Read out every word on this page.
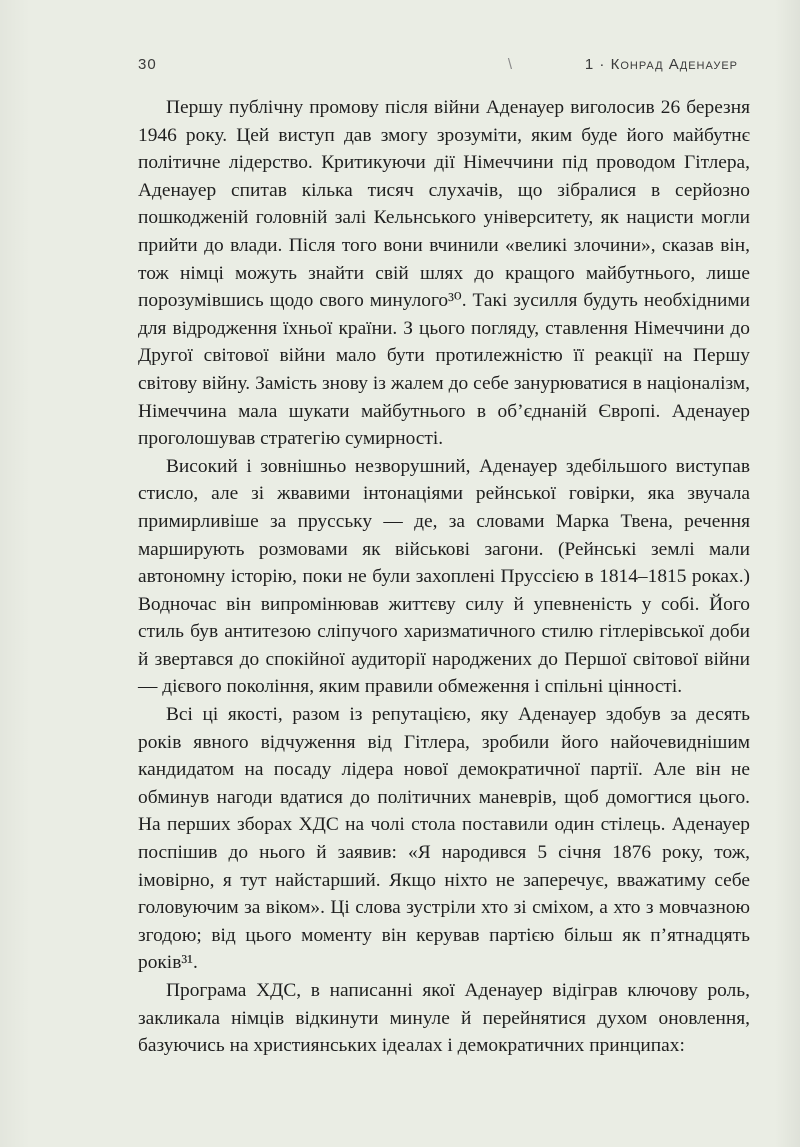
30	\	1 · Конрад Аденауер

Першу публічну промову після війни Аденауер виголосив 26 березня 1946 року. Цей виступ дав змогу зрозуміти, яким буде його майбутнє політичне лідерство. Критикуючи дії Німеччини під проводом Гітлера, Аденауер спитав кілька тисяч слухачів, що зібралися в серйозно пошкодженій головній залі Кельнського університету, як нацисти могли прийти до влади. Після того вони вчинили «великі злочини», сказав він, тож німці можуть знайти свій шлях до кращого майбутнього, лише порозумівшись щодо свого минулого³⁰. Такі зусилля будуть необхідними для відродження їхньої країни. З цього погляду, ставлення Німеччини до Другої світової війни мало бути протилежністю її реакції на Першу світову війну. Замість знову із жалем до себе занурюватися в націоналізм, Німеччина мала шукати майбутнього в об’єднаній Європі. Аденауер проголошував стратегію сумирності.

Високий і зовнішньо незворушний, Аденауер здебільшого виступав стисло, але зі жвавими інтонаціями рейнської говірки, яка звучала примирливіше за прусську — де, за словами Марка Твена, речення марширують розмовами як військові загони. (Рейнські землі мали автономну історію, поки не були захоплені Пруссією в 1814–1815 роках.) Водночас він випромінював життєву силу й упевненість у собі. Його стиль був антитезою сліпучого харизматичного стилю гітлерівської доби й звертався до спокійної аудиторії народжених до Першої світової війни — дієвого покоління, яким правили обмеження і спільні цінності.

Всі ці якості, разом із репутацією, яку Аденауер здобув за десять років явного відчуження від Гітлера, зробили його найочевиднішим кандидатом на посаду лідера нової демократичної партії. Але він не обминув нагоди вдатися до політичних маневрів, щоб домогтися цього. На перших зборах ХДС на чолі стола поставили один стілець. Аденауер поспішив до нього й заявив: «Я народився 5 січня 1876 року, тож, імовірно, я тут найстарший. Якщо ніхто не заперечує, вважатиму себе головуючим за віком». Ці слова зустріли хто зі сміхом, а хто з мовчазною згодою; від цього моменту він керував партією більш як п’ятнадцять років³¹.

Програма ХДС, в написанні якої Аденауер відіграв ключову роль, закликала німців відкинути минуле й перейнятися духом оновлення, базуючись на християнських ідеалах і демократичних принципах:
